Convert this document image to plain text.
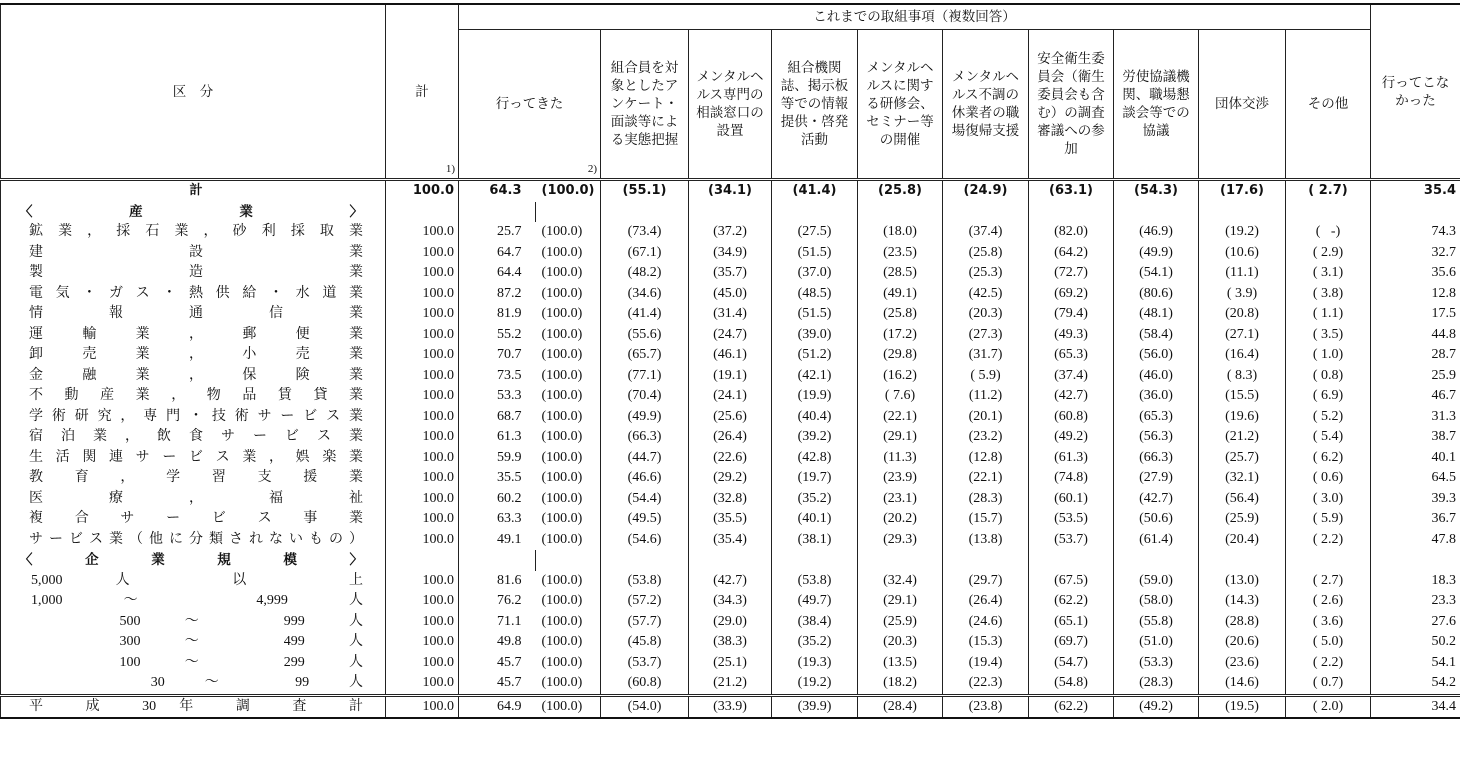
区　分	計
1)	これまでの取組事項（複数回答）											行ってこなかった
		行ってきた
2)		組合員を対象としたアンケート・面談等による実態把握	メンタルヘルス専門の相談窓口の設置	組合機関誌、掲示板等での情報提供・啓発活動	メンタルヘルスに関する研修会、セミナー等の開催	メンタルヘルス不調の休業者の職場復帰支援	安全衛生委員会（衛生委員会も含む）の調査審議への参加	労使協議機関、職場懇談会等での協議	団体交渉	その他	
計	100.0	64.3	(100.0)	(55.1)	(34.1)	(41.4)	(25.8)	(24.9)	(63.1)	(54.3)	(17.6)	( 2.7)	35.4
〈 産 業 〉													
鉱業，採石業，砂利採取業	100.0	25.7	(100.0)	(73.4)	(37.2)	(27.5)	(18.0)	(37.4)	(82.0)	(46.9)	(19.2)	(   -)	74.3
建 設 業	100.0	64.7	(100.0)	(67.1)	(34.9)	(51.5)	(23.5)	(25.8)	(64.2)	(49.9)	(10.6)	( 2.9)	32.7
製 造 業	100.0	64.4	(100.0)	(48.2)	(35.7)	(37.0)	(28.5)	(25.3)	(72.7)	(54.1)	(11.1)	( 3.1)	35.6
電気・ガス・熱供給・水道業	100.0	87.2	(100.0)	(34.6)	(45.0)	(48.5)	(49.1)	(42.5)	(69.2)	(80.6)	( 3.9)	( 3.8)	12.8
情 報 通 信 業	100.0	81.9	(100.0)	(41.4)	(31.4)	(51.5)	(25.8)	(20.3)	(79.4)	(48.1)	(20.8)	( 1.1)	17.5
運 輸 業 ， 郵 便 業	100.0	55.2	(100.0)	(55.6)	(24.7)	(39.0)	(17.2)	(27.3)	(49.3)	(58.4)	(27.1)	( 3.5)	44.8
卸 売 業 ， 小 売 業	100.0	70.7	(100.0)	(65.7)	(46.1)	(51.2)	(29.8)	(31.7)	(65.3)	(56.0)	(16.4)	( 1.0)	28.7
金 融 業 ， 保 険 業	100.0	73.5	(100.0)	(77.1)	(19.1)	(42.1)	(16.2)	( 5.9)	(37.4)	(46.0)	( 8.3)	( 0.8)	25.9
不動産業，物品賃貸業	100.0	53.3	(100.0)	(70.4)	(24.1)	(19.9)	( 7.6)	(11.2)	(42.7)	(36.0)	(15.5)	( 6.9)	46.7
学術研究，専門・技術サービス業	100.0	68.7	(100.0)	(49.9)	(25.6)	(40.4)	(22.1)	(20.1)	(60.8)	(65.3)	(19.6)	( 5.2)	31.3
宿泊業，飲食サービス業	100.0	61.3	(100.0)	(66.3)	(26.4)	(39.2)	(29.1)	(23.2)	(49.2)	(56.3)	(21.2)	( 5.4)	38.7
生活関連サービス業，娯楽業	100.0	59.9	(100.0)	(44.7)	(22.6)	(42.8)	(11.3)	(12.8)	(61.3)	(66.3)	(25.7)	( 6.2)	40.1
教 育 ， 学 習 支 援 業	100.0	35.5	(100.0)	(46.6)	(29.2)	(19.7)	(23.9)	(22.1)	(74.8)	(27.9)	(32.1)	( 0.6)	64.5
医 療 ， 福 祉	100.0	60.2	(100.0)	(54.4)	(32.8)	(35.2)	(23.1)	(28.3)	(60.1)	(42.7)	(56.4)	( 3.0)	39.3
複 合 サ ー ビ ス 事 業	100.0	63.3	(100.0)	(49.5)	(35.5)	(40.1)	(20.2)	(15.7)	(53.5)	(50.6)	(25.9)	( 5.9)	36.7
サービス業（他に分類されないもの）	100.0	49.1	(100.0)	(54.6)	(35.4)	(38.1)	(29.3)	(13.8)	(53.7)	(61.4)	(20.4)	( 2.2)	47.8
〈 企 業 規 模 〉													
5,000 人 以 上	100.0	81.6	(100.0)	(53.8)	(42.7)	(53.8)	(32.4)	(29.7)	(67.5)	(59.0)	(13.0)	( 2.7)	18.3
1,000 ～ 4,999 人	100.0	76.2	(100.0)	(57.2)	(34.3)	(49.7)	(29.1)	(26.4)	(62.2)	(58.0)	(14.3)	( 2.6)	23.3
500 ～ 999 人	100.0	71.1	(100.0)	(57.7)	(29.0)	(38.4)	(25.9)	(24.6)	(65.1)	(55.8)	(28.8)	( 3.6)	27.6
300 ～ 499 人	100.0	49.8	(100.0)	(45.8)	(38.3)	(35.2)	(20.3)	(15.3)	(69.7)	(51.0)	(20.6)	( 5.0)	50.2
100 ～ 299 人	100.0	45.7	(100.0)	(53.7)	(25.1)	(19.3)	(13.5)	(19.4)	(54.7)	(53.3)	(23.6)	( 2.2)	54.1
30 ～ 99 人	100.0	45.7	(100.0)	(60.8)	(21.2)	(19.2)	(18.2)	(22.3)	(54.8)	(28.3)	(14.6)	( 0.7)	54.2
平 成 30 年 調 査 計	100.0	64.9	(100.0)	(54.0)	(33.9)	(39.9)	(28.4)	(23.8)	(62.2)	(49.2)	(19.5)	( 2.0)	34.4
